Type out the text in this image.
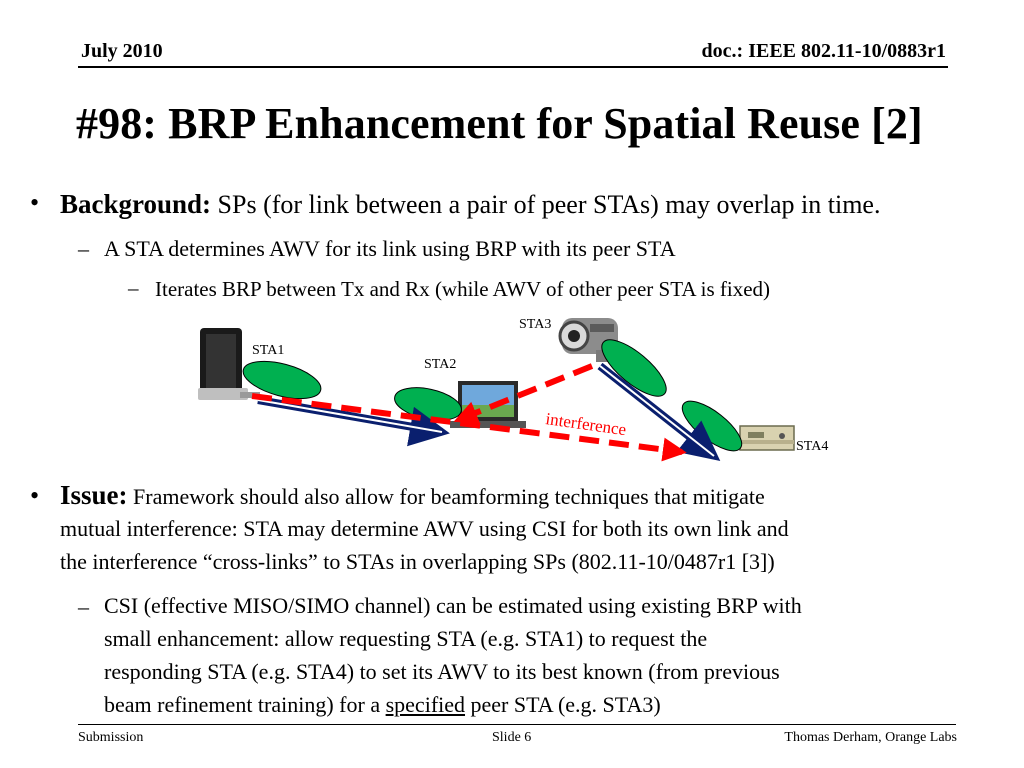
July 2010	doc.: IEEE 802.11-10/0883r1
#98: BRP Enhancement for Spatial Reuse [2]
• Background: SPs (for link between a pair of peer STAs) may overlap in time.
– A STA determines AWV for its link using BRP with its peer STA
– Iterates BRP between Tx and Rx (while AWV of other peer STA is fixed)
STA1
STA2
STA3
STA4
interference
• Issue: Framework should also allow for beamforming techniques that mitigate
mutual interference: STA may determine AWV using CSI for both its own link and
the interference “cross-links” to STAs in overlapping SPs (802.11-10/0487r1 [3])
– CSI (effective MISO/SIMO channel) can be estimated using existing BRP with
small enhancement: allow requesting STA (e.g. STA1) to request the
responding STA (e.g. STA4) to set its AWV to its best known (from previous
beam refinement training) for a specified peer STA (e.g. STA3)
Submission	Slide 6	Thomas Derham, Orange Labs
